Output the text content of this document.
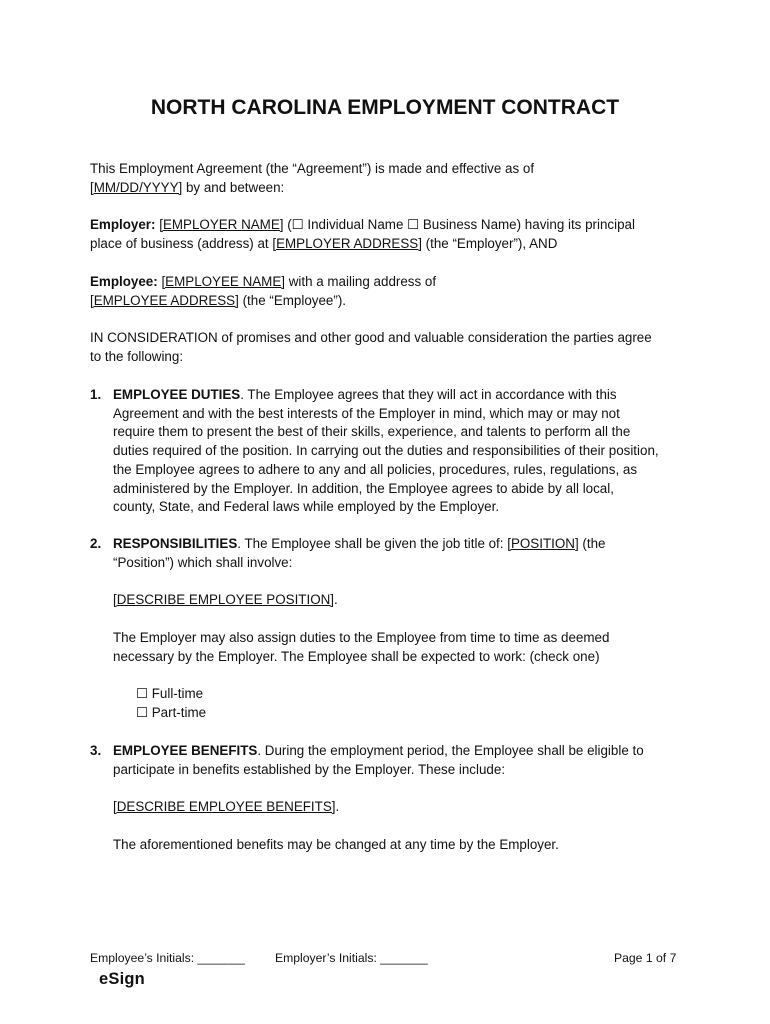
NORTH CAROLINA EMPLOYMENT CONTRACT
This Employment Agreement (the “Agreement”) is made and effective as of
[MM/DD/YYYY] by and between:
Employer: [EMPLOYER NAME] (☐ Individual Name ☐ Business Name) having its principal
place of business (address) at [EMPLOYER ADDRESS] (the “Employer”), AND
Employee: [EMPLOYEE NAME] with a mailing address of
[EMPLOYEE ADDRESS] (the “Employee”).
IN CONSIDERATION of promises and other good and valuable consideration the parties agree
to the following:
1. EMPLOYEE DUTIES. The Employee agrees that they will act in accordance with this
Agreement and with the best interests of the Employer in mind, which may or may not
require them to present the best of their skills, experience, and talents to perform all the
duties required of the position. In carrying out the duties and responsibilities of their position,
the Employee agrees to adhere to any and all policies, procedures, rules, regulations, as
administered by the Employer. In addition, the Employee agrees to abide by all local,
county, State, and Federal laws while employed by the Employer.
2. RESPONSIBILITIES. The Employee shall be given the job title of: [POSITION] (the
“Position”) which shall involve:
[DESCRIBE EMPLOYEE POSITION].
The Employer may also assign duties to the Employee from time to time as deemed
necessary by the Employer. The Employee shall be expected to work: (check one)
☐ Full-time
☐ Part-time
3. EMPLOYEE BENEFITS. During the employment period, the Employee shall be eligible to
participate in benefits established by the Employer. These include:
[DESCRIBE EMPLOYEE BENEFITS].
The aforementioned benefits may be changed at any time by the Employer.
Employee’s Initials: _______ Employer’s Initials: _______	Page 1 of 7
eSign
